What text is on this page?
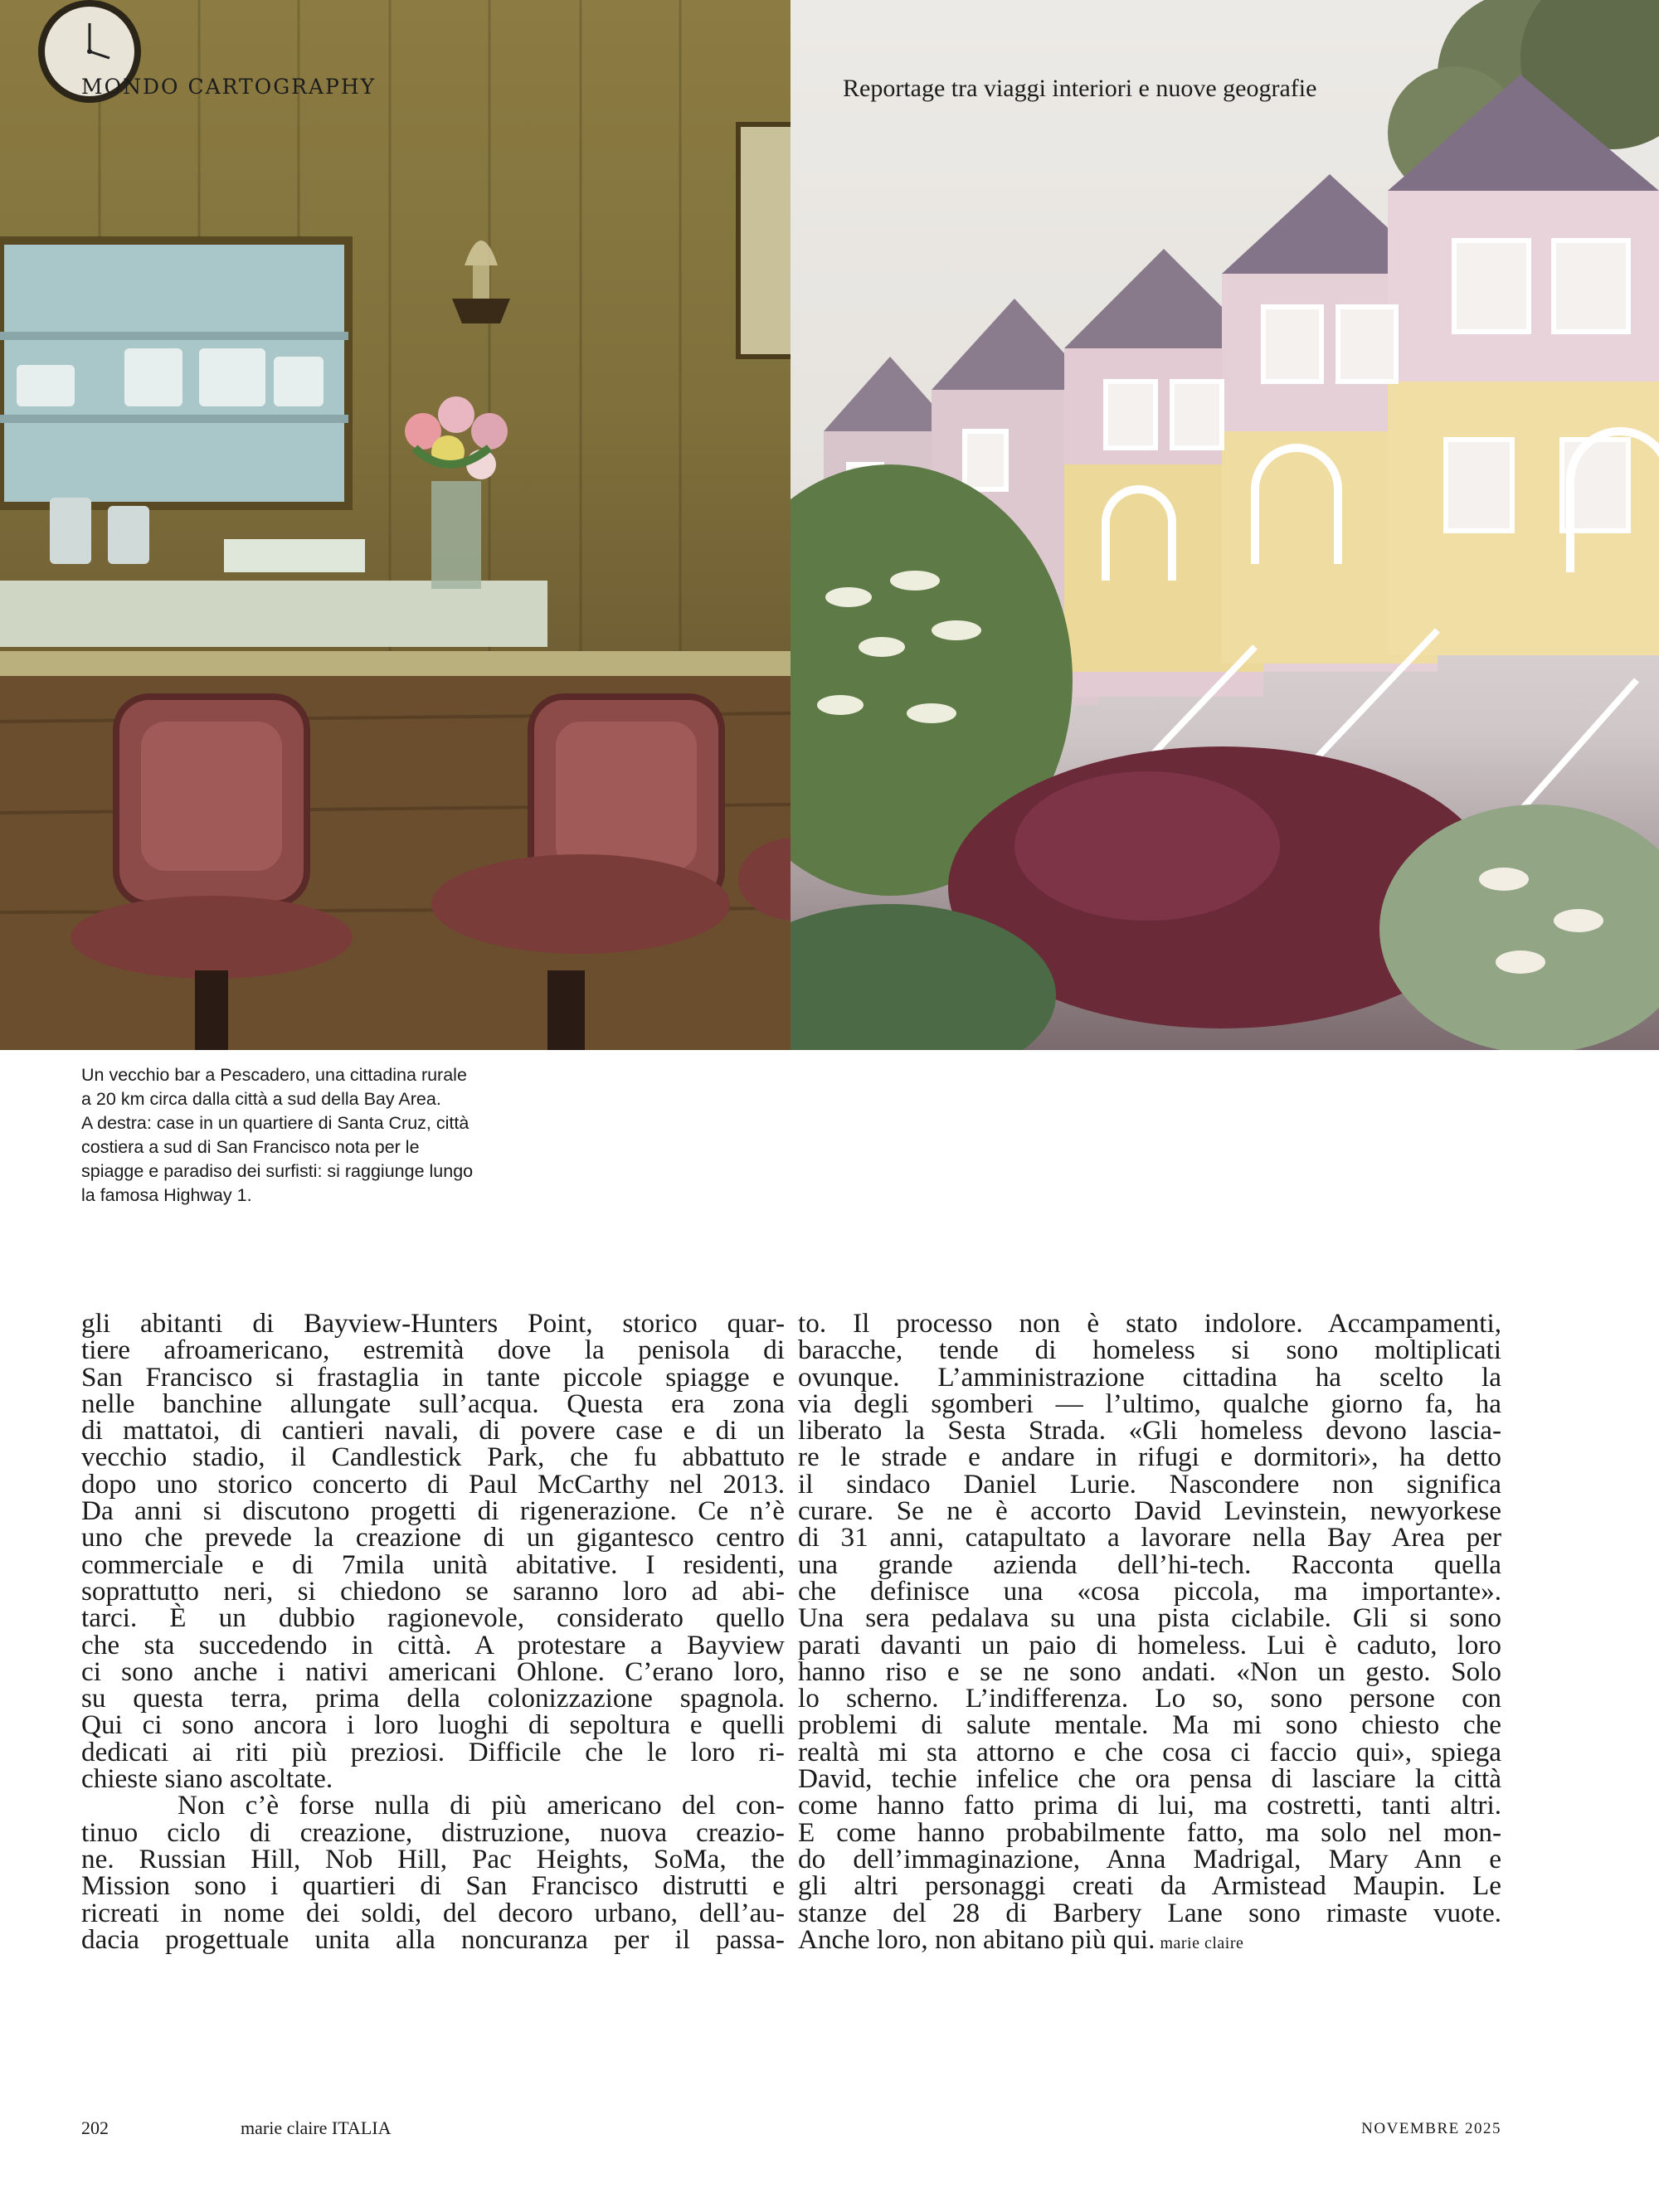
MONDO CARTOGRAPHY	Reportage tra viaggi interiori e nuove geografie
Un vecchio bar a Pescadero, una cittadina rurale
a 20 km circa dalla città a sud della Bay Area.
A destra: case in un quartiere di Santa Cruz, città
costiera a sud di San Francisco nota per le
spiagge e paradiso dei surfisti: si raggiunge lungo
la famosa Highway 1.
gli abitanti di Bayview-Hunters Point, storico quar-
tiere afroamericano, estremità dove la penisola di
San Francisco si frastaglia in tante piccole spiagge e
nelle banchine allungate sull’acqua. Questa era zona
di mattatoi, di cantieri navali, di povere case e di un
vecchio stadio, il Candlestick Park, che fu abbattuto
dopo uno storico concerto di Paul McCarthy nel 2013.
Da anni si discutono progetti di rigenerazione. Ce n’è
uno che prevede la creazione di un gigantesco centro
commerciale e di 7mila unità abitative. I residenti,
soprattutto neri, si chiedono se saranno loro ad abi-
tarci. È un dubbio ragionevole, considerato quello
che sta succedendo in città. A protestare a Bayview
ci sono anche i nativi americani Ohlone. C’erano loro,
su questa terra, prima della colonizzazione spagnola.
Qui ci sono ancora i loro luoghi di sepoltura e quelli
dedicati ai riti più preziosi. Difficile che le loro ri-
chieste siano ascoltate.
Non c’è forse nulla di più americano del con-
tinuo ciclo di creazione, distruzione, nuova creazio-
ne. Russian Hill, Nob Hill, Pac Heights, SoMa, the
Mission sono i quartieri di San Francisco distrutti e
ricreati in nome dei soldi, del decoro urbano, dell’au-
dacia progettuale unita alla noncuranza per il passa-
to. Il processo non è stato indolore. Accampamenti,
baracche, tende di homeless si sono moltiplicati
ovunque. L’amministrazione cittadina ha scelto la
via degli sgomberi — l’ultimo, qualche giorno fa, ha
liberato la Sesta Strada. «Gli homeless devono lascia-
re le strade e andare in rifugi e dormitori», ha detto
il sindaco Daniel Lurie. Nascondere non significa
curare. Se ne è accorto David Levinstein, newyorkese
di 31 anni, catapultato a lavorare nella Bay Area per
una grande azienda dell’hi-tech. Racconta quella
che definisce una «cosa piccola, ma importante».
Una sera pedalava su una pista ciclabile. Gli si sono
parati davanti un paio di homeless. Lui è caduto, loro
hanno riso e se ne sono andati. «Non un gesto. Solo
lo scherno. L’indifferenza. Lo so, sono persone con
problemi di salute mentale. Ma mi sono chiesto che
realtà mi sta attorno e che cosa ci faccio qui», spiega
David, techie infelice che ora pensa di lasciare la città
come hanno fatto prima di lui, ma costretti, tanti altri.
E come hanno probabilmente fatto, ma solo nel mon-
do dell’immaginazione, Anna Madrigal, Mary Ann e
gli altri personaggi creati da Armistead Maupin. Le
stanze del 28 di Barbery Lane sono rimaste vuote.
Anche loro, non abitano più qui. marie claire
202	marie claire ITALIA	NOVEMBRE 2025
